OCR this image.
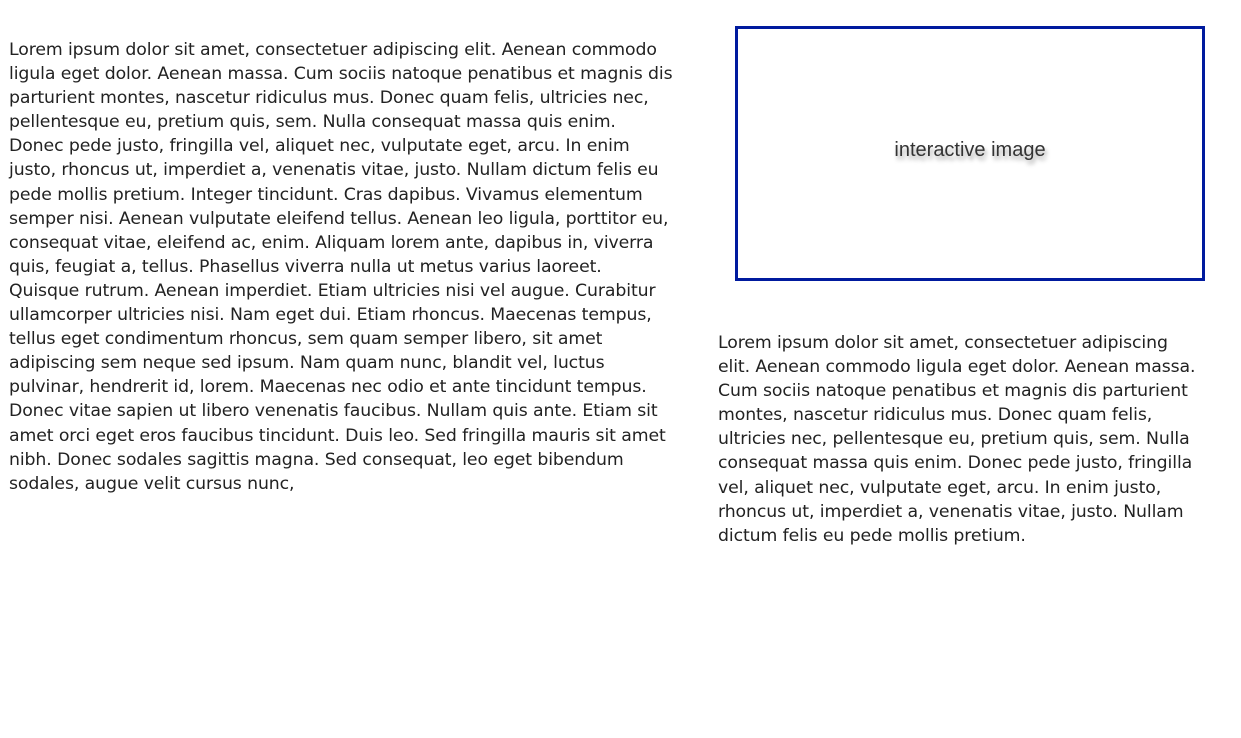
Lorem ipsum dolor sit amet, consectetuer adipiscing elit. Aenean commodo ligula eget dolor. Aenean massa. Cum sociis natoque penatibus et magnis dis parturient montes, nascetur ridiculus mus. Donec quam felis, ultricies nec, pellentesque eu, pretium quis, sem. Nulla consequat massa quis enim. Donec pede justo, fringilla vel, aliquet nec, vulputate eget, arcu. In enim justo, rhoncus ut, imperdiet a, venenatis vitae, justo. Nullam dictum felis eu pede mollis pretium. Integer tincidunt. Cras dapibus. Vivamus elementum semper nisi. Aenean vulputate eleifend tellus. Aenean leo ligula, porttitor eu, consequat vitae, eleifend ac, enim. Aliquam lorem ante, dapibus in, viverra quis, feugiat a, tellus. Phasellus viverra nulla ut metus varius laoreet. Quisque rutrum. Aenean imperdiet. Etiam ultricies nisi vel augue. Curabitur ullamcorper ultricies nisi. Nam eget dui. Etiam rhoncus. Maecenas tempus, tellus eget condimentum rhoncus, sem quam semper libero, sit amet adipiscing sem neque sed ipsum. Nam quam nunc, blandit vel, luctus pulvinar, hendrerit id, lorem. Maecenas nec odio et ante tincidunt tempus. Donec vitae sapien ut libero venenatis faucibus. Nullam quis ante. Etiam sit amet orci eget eros faucibus tincidunt. Duis leo. Sed fringilla mauris sit amet nibh. Donec sodales sagittis magna. Sed consequat, leo eget bibendum sodales, augue velit cursus nunc,

interactive image

Lorem ipsum dolor sit amet, consectetuer adipiscing elit. Aenean commodo ligula eget dolor. Aenean massa. Cum sociis natoque penatibus et magnis dis parturient montes, nascetur ridiculus mus. Donec quam felis, ultricies nec, pellentesque eu, pretium quis, sem. Nulla consequat massa quis enim. Donec pede justo, fringilla vel, aliquet nec, vulputate eget, arcu. In enim justo, rhoncus ut, imperdiet a, venenatis vitae, justo. Nullam dictum felis eu pede mollis pretium.
